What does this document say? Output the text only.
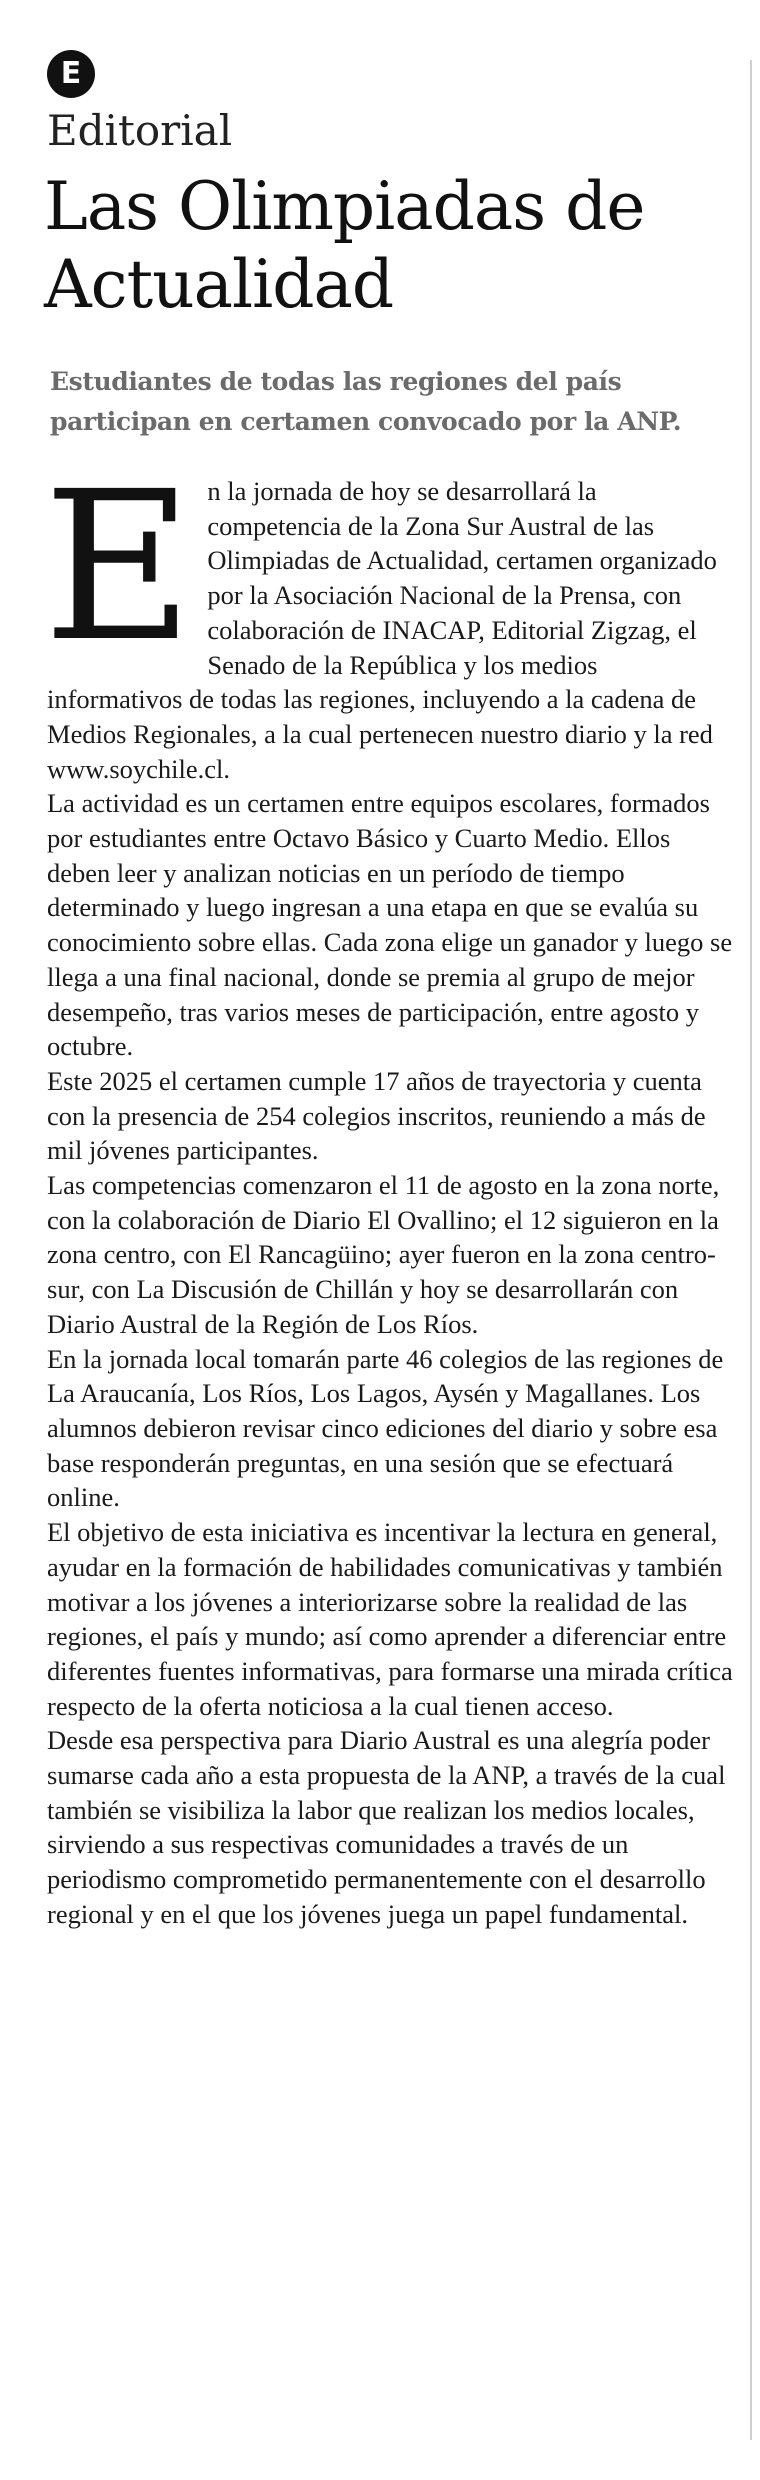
E
Editorial
Las Olimpiadas de Actualidad

Estudiantes de todas las regiones del país participan en certamen convocado por la ANP.

En la jornada de hoy se desarrollará la competencia de la Zona Sur Austral de las Olimpiadas de Actualidad, certamen organizado por la Asociación Nacional de la Prensa, con colaboración de INACAP, Editorial Zigzag, el Senado de la República y los medios informativos de todas las regiones, incluyendo a la cadena de Medios Regionales, a la cual pertenecen nuestro diario y la red www.soychile.cl.

La actividad es un certamen entre equipos escolares, formados por estudiantes entre Octavo Básico y Cuarto Medio. Ellos deben leer y analizan noticias en un período de tiempo determinado y luego ingresan a una etapa en que se evalúa su conocimiento sobre ellas. Cada zona elige un ganador y luego se llega a una final nacional, donde se premia al grupo de mejor desempeño, tras varios meses de participación, entre agosto y octubre.

Este 2025 el certamen cumple 17 años de trayectoria y cuenta con la presencia de 254 colegios inscritos, reuniendo a más de mil jóvenes participantes.

Las competencias comenzaron el 11 de agosto en la zona norte, con la colaboración de Diario El Ovallino; el 12 siguieron en la zona centro, con El Rancagüino; ayer fueron en la zona centro-sur, con La Discusión de Chillán y hoy se desarrollarán con Diario Austral de la Región de Los Ríos.

En la jornada local tomarán parte 46 colegios de las regiones de La Araucanía, Los Ríos, Los Lagos, Aysén y Magallanes. Los alumnos debieron revisar cinco ediciones del diario y sobre esa base responderán preguntas, en una sesión que se efectuará online.

El objetivo de esta iniciativa es incentivar la lectura en general, ayudar en la formación de habilidades comunicativas y también motivar a los jóvenes a interiorizarse sobre la realidad de las regiones, el país y mundo; así como aprender a diferenciar entre diferentes fuentes informativas, para formarse una mirada crítica respecto de la oferta noticiosa a la cual tienen acceso.

Desde esa perspectiva para Diario Austral es una alegría poder sumarse cada año a esta propuesta de la ANP, a través de la cual también se visibiliza la labor que realizan los medios locales, sirviendo a sus respectivas comunidades a través de un periodismo comprometido permanentemente con el desarrollo regional y en el que los jóvenes juega un papel fundamental.
